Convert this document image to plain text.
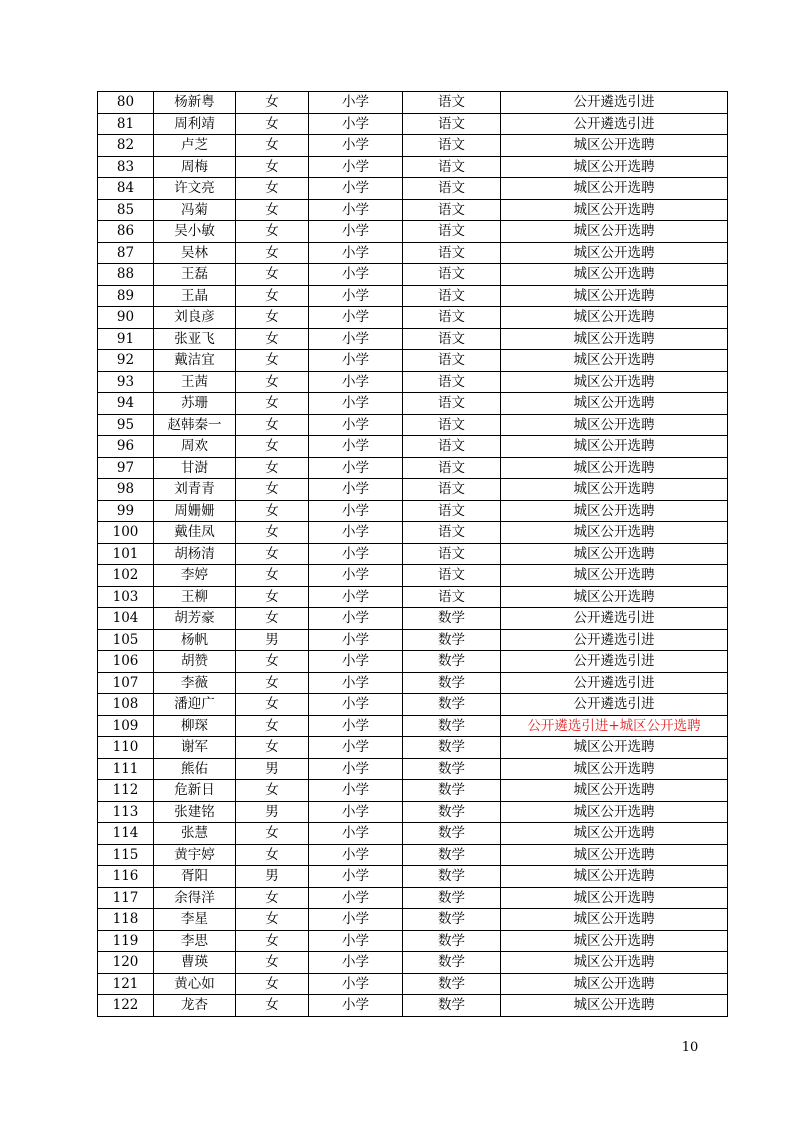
80	杨新粤	女	小学	语文	公开遴选引进
81	周利靖	女	小学	语文	公开遴选引进
82	卢芝	女	小学	语文	城区公开选聘
83	周梅	女	小学	语文	城区公开选聘
84	许文亮	女	小学	语文	城区公开选聘
85	冯菊	女	小学	语文	城区公开选聘
86	吴小敏	女	小学	语文	城区公开选聘
87	吴林	女	小学	语文	城区公开选聘
88	王磊	女	小学	语文	城区公开选聘
89	王晶	女	小学	语文	城区公开选聘
90	刘良彦	女	小学	语文	城区公开选聘
91	张亚飞	女	小学	语文	城区公开选聘
92	戴洁宜	女	小学	语文	城区公开选聘
93	王茜	女	小学	语文	城区公开选聘
94	苏珊	女	小学	语文	城区公开选聘
95	赵韩秦一	女	小学	语文	城区公开选聘
96	周欢	女	小学	语文	城区公开选聘
97	甘澍	女	小学	语文	城区公开选聘
98	刘青青	女	小学	语文	城区公开选聘
99	周姗姗	女	小学	语文	城区公开选聘
100	戴佳凤	女	小学	语文	城区公开选聘
101	胡杨清	女	小学	语文	城区公开选聘
102	李婷	女	小学	语文	城区公开选聘
103	王柳	女	小学	语文	城区公开选聘
104	胡芳豪	女	小学	数学	公开遴选引进
105	杨帆	男	小学	数学	公开遴选引进
106	胡赞	女	小学	数学	公开遴选引进
107	李薇	女	小学	数学	公开遴选引进
108	潘迎广	女	小学	数学	公开遴选引进
109	柳琛	女	小学	数学	公开遴选引进+城区公开选聘
110	谢军	女	小学	数学	城区公开选聘
111	熊佑	男	小学	数学	城区公开选聘
112	危新日	女	小学	数学	城区公开选聘
113	张建铭	男	小学	数学	城区公开选聘
114	张慧	女	小学	数学	城区公开选聘
115	黄宇婷	女	小学	数学	城区公开选聘
116	胥阳	男	小学	数学	城区公开选聘
117	余得洋	女	小学	数学	城区公开选聘
118	李星	女	小学	数学	城区公开选聘
119	李思	女	小学	数学	城区公开选聘
120	曹瑛	女	小学	数学	城区公开选聘
121	黄心如	女	小学	数学	城区公开选聘
122	龙杏	女	小学	数学	城区公开选聘
10
